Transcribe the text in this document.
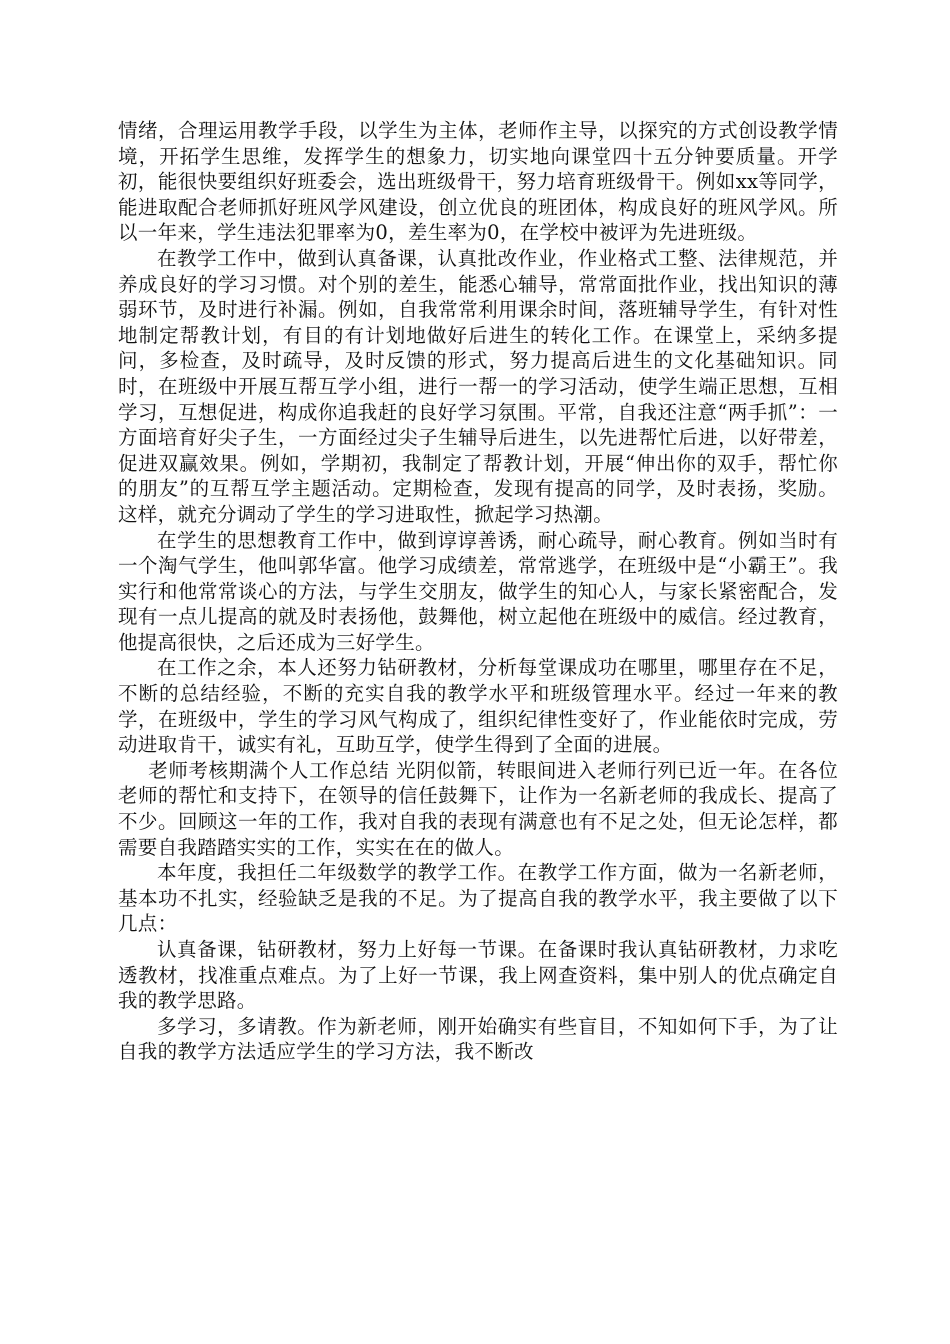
情绪，合理运用教学手段，以学生为主体，老师作主导，以探究的方式创设教学情境，开拓学生思维，发挥学生的想象力，切实地向课堂四十五分钟要质量。开学初，能很快要组织好班委会，选出班级骨干，努力培育班级骨干。例如xx等同学，能进取配合老师抓好班风学风建设，创立优良的班团体，构成良好的班风学风。所以一年来，学生违法犯罪率为0，差生率为0，在学校中被评为先进班级。

在教学工作中，做到认真备课，认真批改作业，作业格式工整、法律规范，并养成良好的学习习惯。对个别的差生，能悉心辅导，常常面批作业，找出知识的薄弱环节，及时进行补漏。例如，自我常常利用课余时间，落班辅导学生，有针对性地制定帮教计划，有目的有计划地做好后进生的转化工作。在课堂上，采纳多提问，多检查，及时疏导，及时反馈的形式，努力提高后进生的文化基础知识。同时，在班级中开展互帮互学小组，进行一帮一的学习活动，使学生端正思想，互相学习，互想促进，构成你追我赶的良好学习氛围。平常，自我还注意“两手抓”：一方面培育好尖子生，一方面经过尖子生辅导后进生，以先进帮忙后进，以好带差，促进双赢效果。例如，学期初，我制定了帮教计划，开展“伸出你的双手，帮忙你的朋友”的互帮互学主题活动。定期检查，发现有提高的同学，及时表扬，奖励。这样，就充分调动了学生的学习进取性，掀起学习热潮。

在学生的思想教育工作中，做到谆谆善诱，耐心疏导，耐心教育。例如当时有一个淘气学生，他叫郭华富。他学习成绩差，常常逃学，在班级中是“小霸王”。我实行和他常常谈心的方法，与学生交朋友，做学生的知心人，与家长紧密配合，发现有一点儿提高的就及时表扬他，鼓舞他，树立起他在班级中的威信。经过教育，他提高很快，之后还成为三好学生。

在工作之余，本人还努力钻研教材，分析每堂课成功在哪里，哪里存在不足，不断的总结经验，不断的充实自我的教学水平和班级管理水平。经过一年来的教学，在班级中，学生的学习风气构成了，组织纪律性变好了，作业能依时完成，劳动进取肯干，诚实有礼，互助互学，使学生得到了全面的进展。

老师考核期满个人工作总结 光阴似箭，转眼间进入老师行列已近一年。在各位老师的帮忙和支持下，在领导的信任鼓舞下，让作为一名新老师的我成长、提高了不少。回顾这一年的工作，我对自我的表现有满意也有不足之处，但无论怎样，都需要自我踏踏实实的工作，实实在在的做人。

本年度，我担任二年级数学的教学工作。在教学工作方面，做为一名新老师，基本功不扎实，经验缺乏是我的不足。为了提高自我的教学水平，我主要做了以下几点：

认真备课，钻研教材，努力上好每一节课。在备课时我认真钻研教材，力求吃透教材，找准重点难点。为了上好一节课，我上网查资料，集中别人的优点确定自我的教学思路。

多学习，多请教。作为新老师，刚开始确实有些盲目，不知如何下手，为了让自我的教学方法适应学生的学习方法，我不断改
